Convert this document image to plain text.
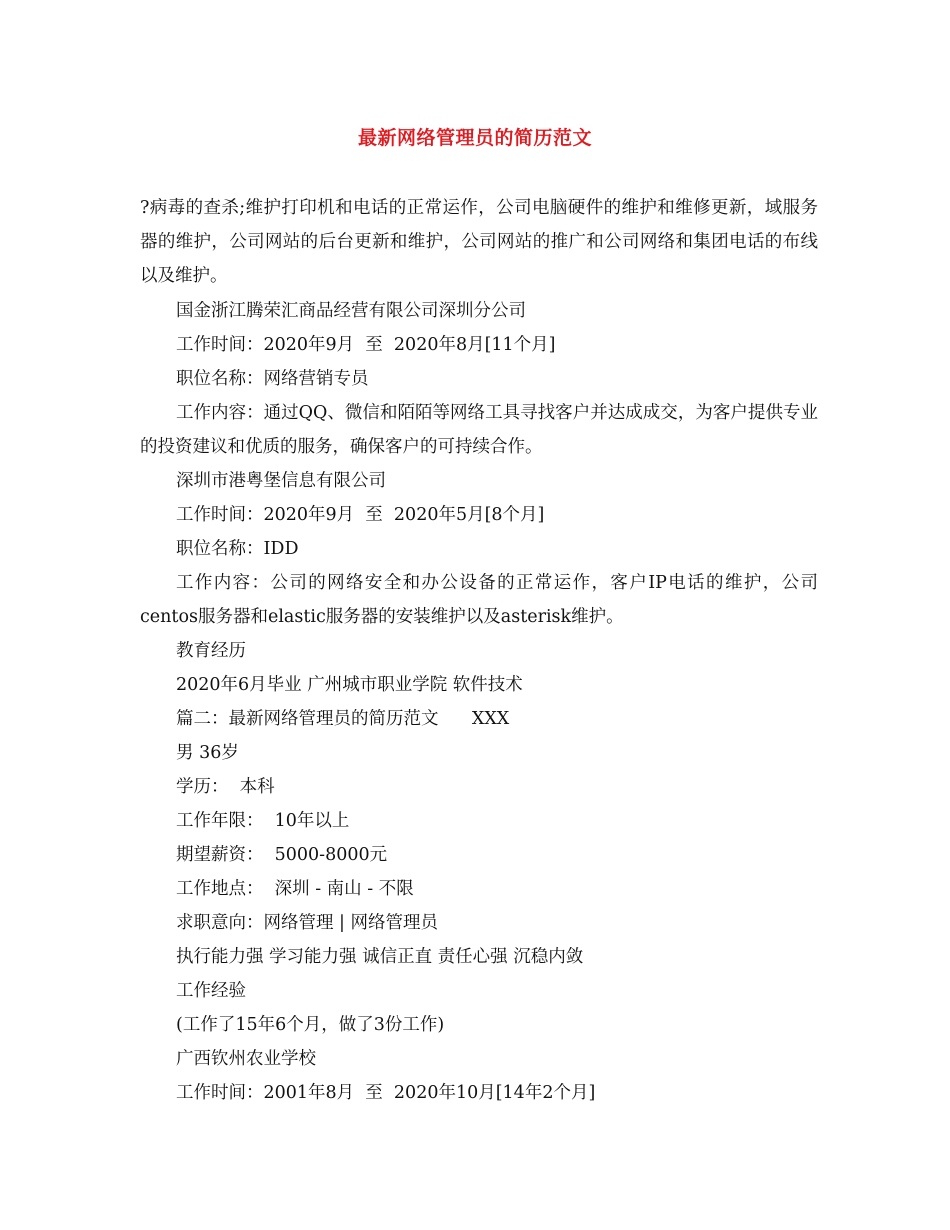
最新网络管理员的简历范文

?病毒的查杀;维护打印机和电话的正常运作，公司电脑硬件的维护和维修更新，域服务器的维护，公司网站的后台更新和维护，公司网站的推广和公司网络和集团电话的布线以及维护。

国金浙江腾荣汇商品经营有限公司深圳分公司

工作时间：2020年9月  至  2020年8月[11个月]

职位名称：网络营销专员

工作内容：通过QQ、微信和陌陌等网络工具寻找客户并达成成交，为客户提供专业的投资建议和优质的服务，确保客户的可持续合作。

深圳市港粤堡信息有限公司

工作时间：2020年9月  至  2020年5月[8个月]

职位名称：IDD

工作内容：公司的网络安全和办公设备的正常运作，客户IP电话的维护，公司centos服务器和elastic服务器的安装维护以及asterisk维护。

教育经历

2020年6月毕业 广州城市职业学院 软件技术

篇二：最新网络管理员的简历范文      XXX

男 36岁

学历：  本科

工作年限：  10年以上

期望薪资：  5000-8000元

工作地点：  深圳 - 南山 - 不限

求职意向：网络管理 | 网络管理员

执行能力强 学习能力强 诚信正直 责任心强 沉稳内敛

工作经验

(工作了15年6个月，做了3份工作)

广西钦州农业学校

工作时间：2001年8月  至  2020年10月[14年2个月]
